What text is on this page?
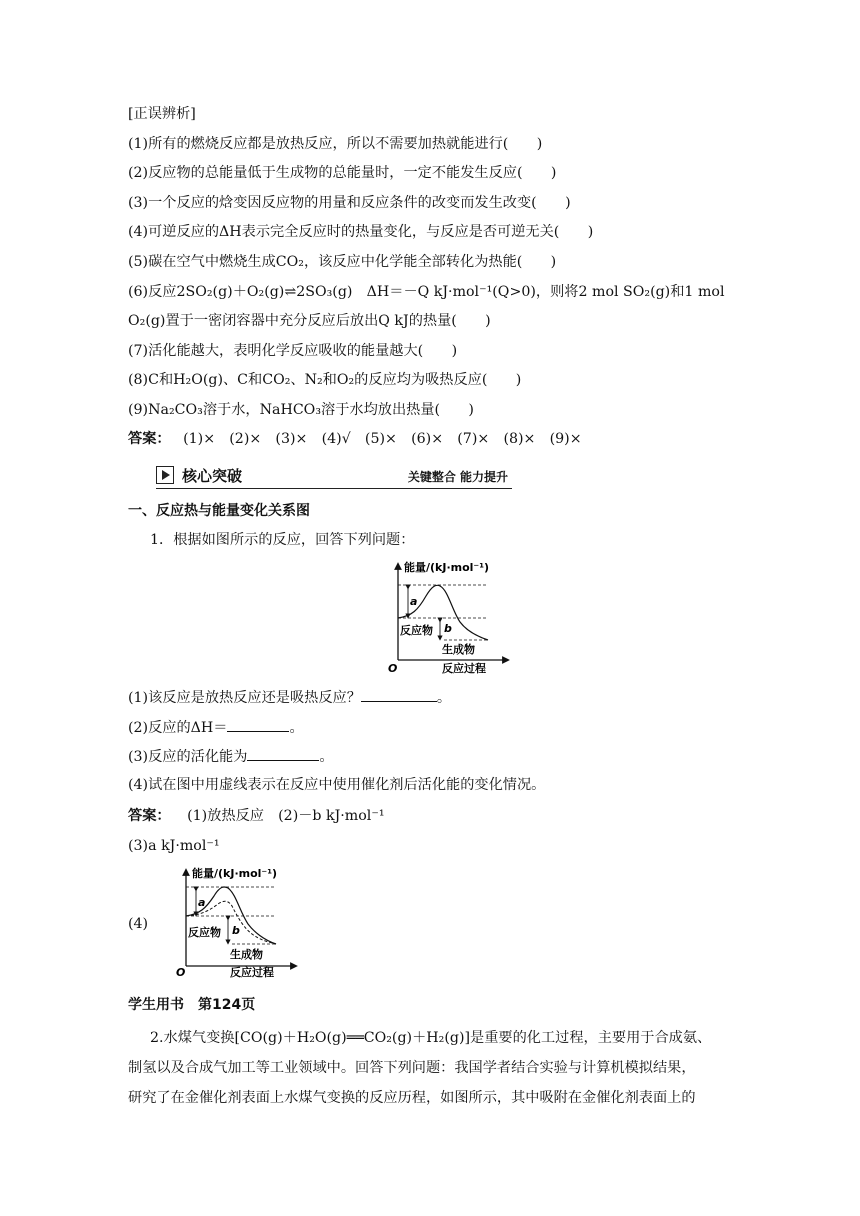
[正误辨析]
(1)所有的燃烧反应都是放热反应，所以不需要加热就能进行(　　)
(2)反应物的总能量低于生成物的总能量时，一定不能发生反应(　　)
(3)一个反应的焓变因反应物的用量和反应条件的改变而发生改变(　　)
(4)可逆反应的ΔH表示完全反应时的热量变化，与反应是否可逆无关(　　)
(5)碳在空气中燃烧生成CO₂，该反应中化学能全部转化为热能(　　)
(6)反应2SO₂(g)＋O₂(g)⇌2SO₃(g)　ΔH＝－Q kJ·mol⁻¹(Q>0)，则将2 mol SO₂(g)和1 mol
O₂(g)置于一密闭容器中充分反应后放出Q kJ的热量(　　)
(7)活化能越大，表明化学反应吸收的能量越大(　　)
(8)C和H₂O(g)、C和CO₂、N₂和O₂的反应均为吸热反应(　　)
(9)Na₂CO₃溶于水，NaHCO₃溶于水均放出热量(　　)
答案： (1)×　(2)×　(3)×　(4)√　(5)×　(6)×　(7)×　(8)×　(9)×
核心突破	关键整合 能力提升
一、反应热与能量变化关系图
1．根据如图所示的反应，回答下列问题：
能量/(kJ·mol⁻¹)
a
b
反应物
生成物
O	反应过程
(1)该反应是放热反应还是吸热反应？	。
(2)反应的ΔH＝	。
(3)反应的活化能为	。
(4)试在图中用虚线表示在反应中使用催化剂后活化能的变化情况。
答案： (1)放热反应　(2)－b kJ·mol⁻¹
(3)a kJ·mol⁻¹
(4)
能量/(kJ·mol⁻¹)
a
b
反应物
生成物
O	反应过程
学生用书　第124页
2.水煤气变换[CO(g)＋H₂O(g)══CO₂(g)＋H₂(g)]是重要的化工过程，主要用于合成氨、
制氢以及合成气加工等工业领域中。回答下列问题：我国学者结合实验与计算机模拟结果，
研究了在金催化剂表面上水煤气变换的反应历程，如图所示，其中吸附在金催化剂表面上的
